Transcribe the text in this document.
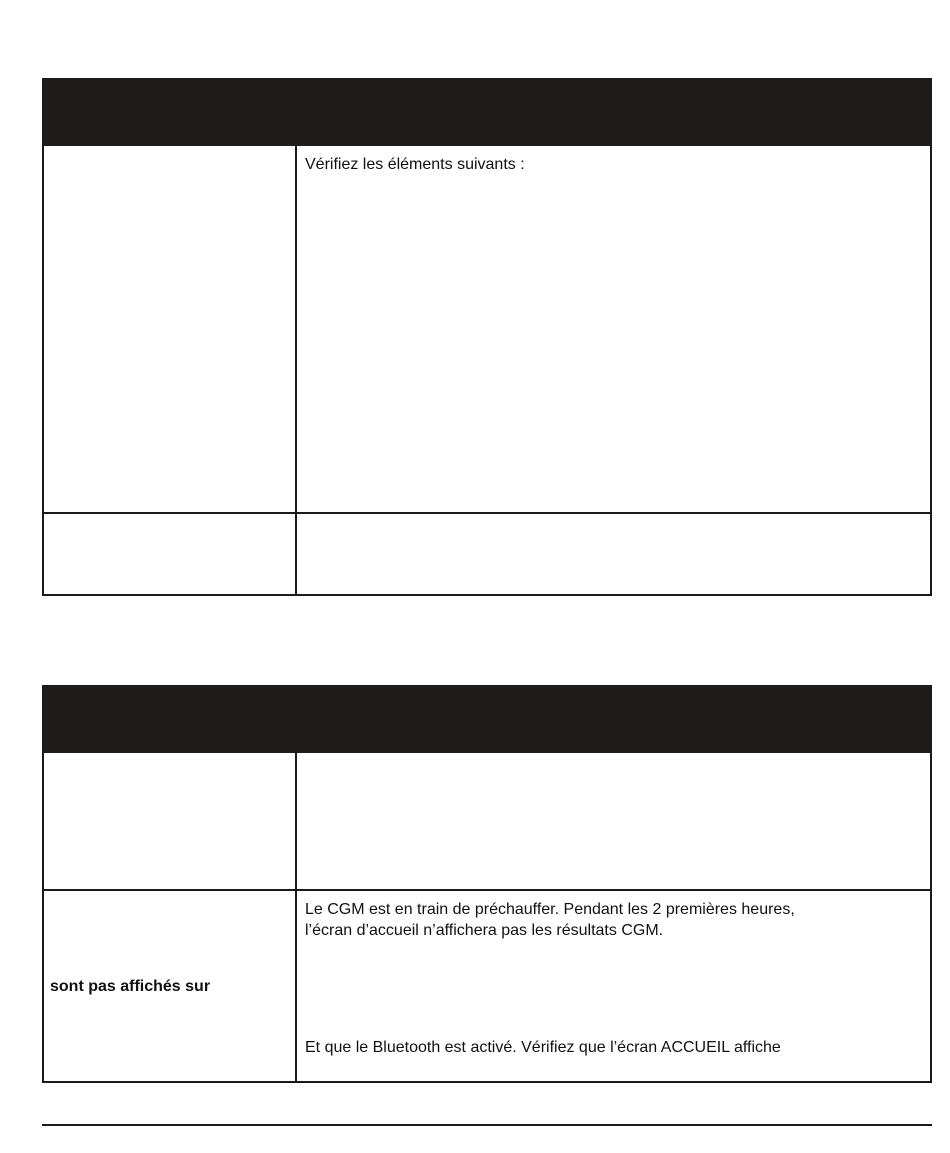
Vérifiez les éléments suivants :
sont pas affichés sur
Le CGM est en train de préchauffer. Pendant les 2 premières heures,
l’écran d’accueil n’affichera pas les résultats CGM.
Et que le Bluetooth est activé. Vérifiez que l’écran ACCUEIL affiche
